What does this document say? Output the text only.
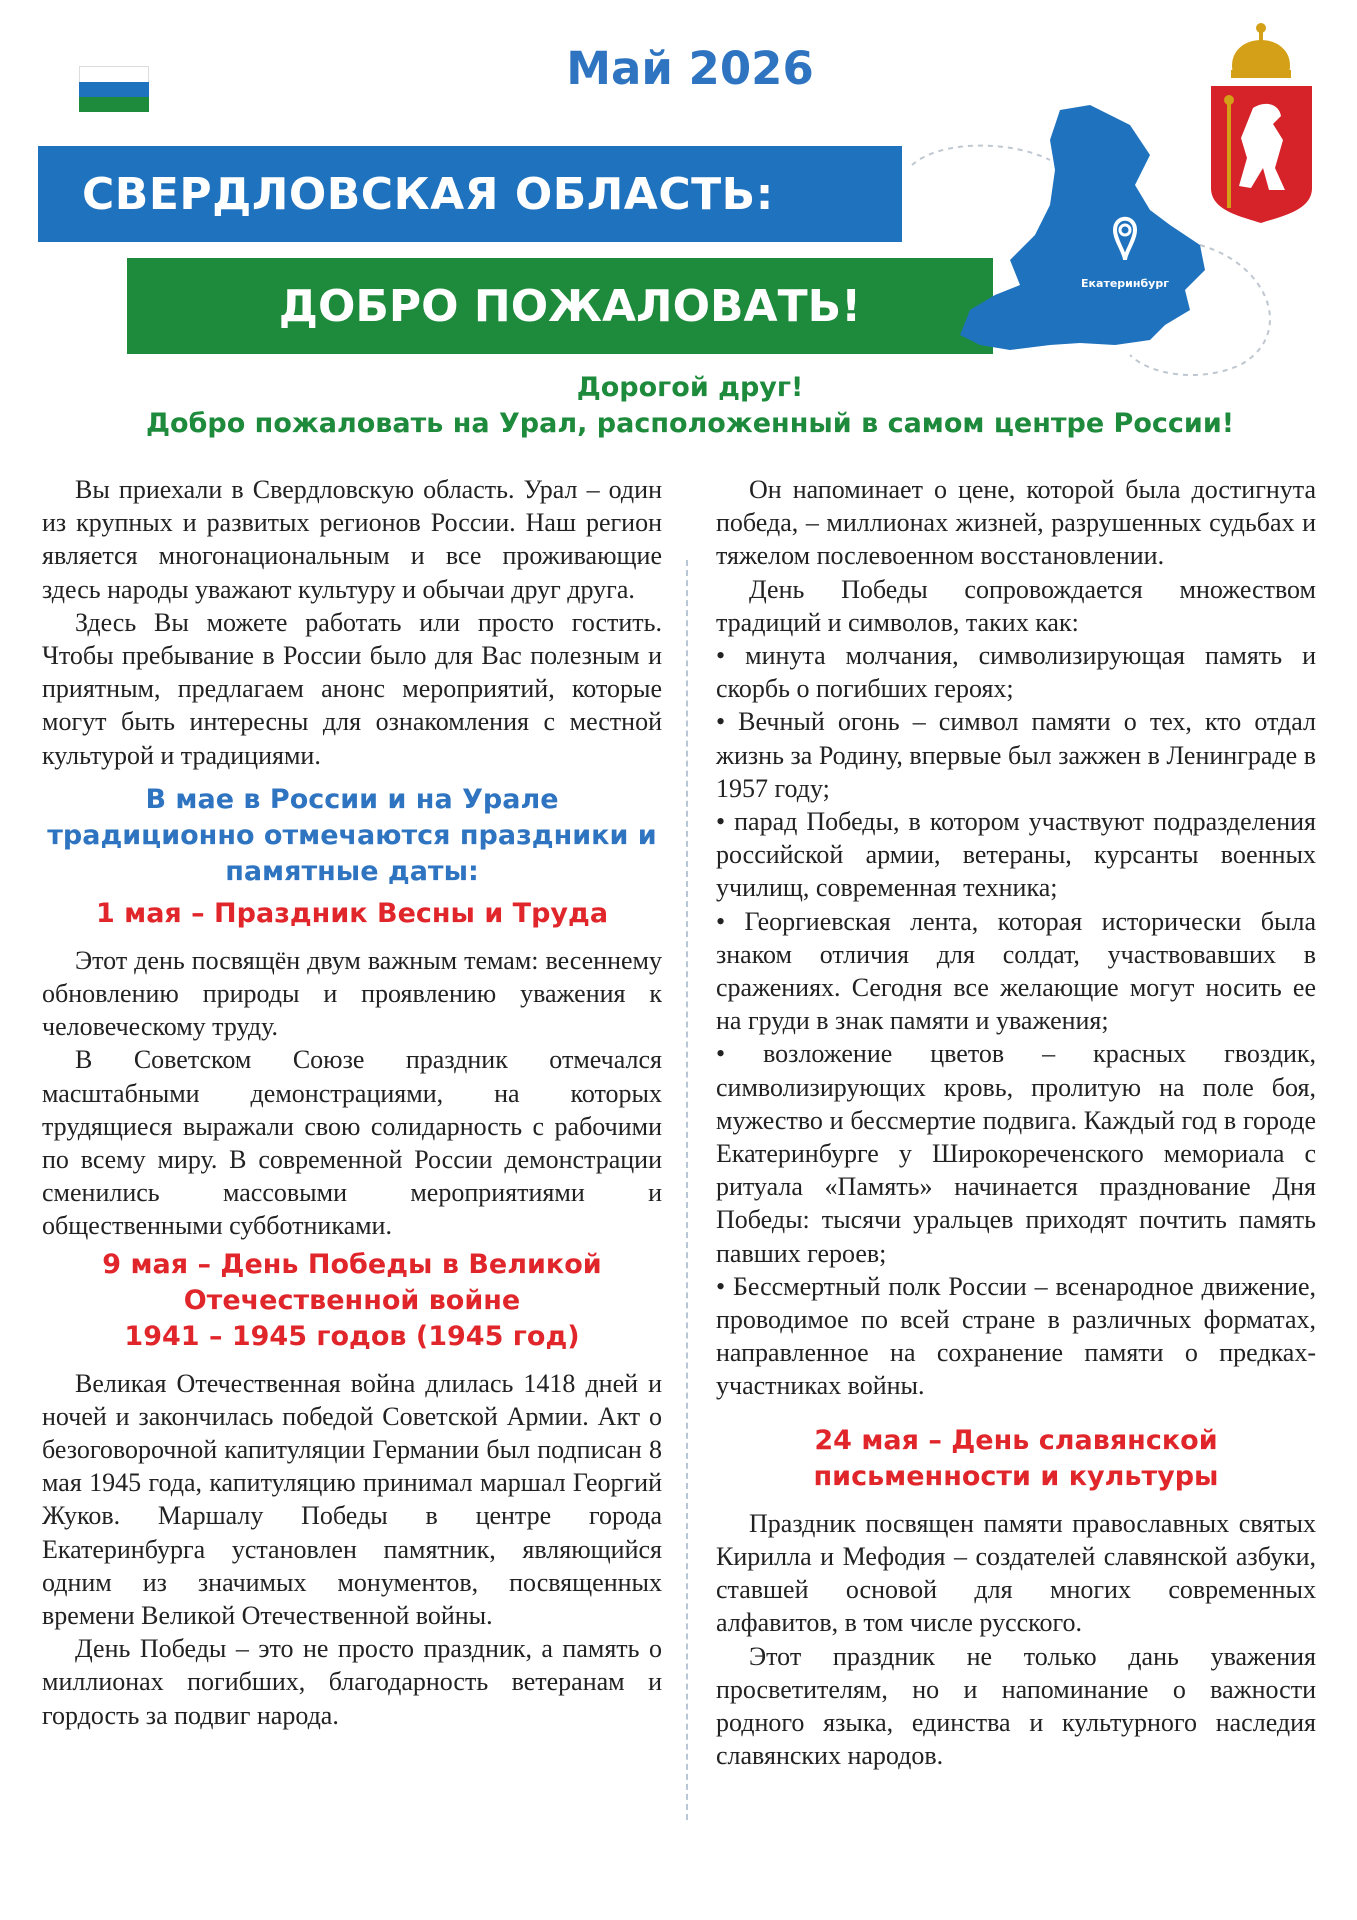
Май 2026
СВЕРДЛОВСКАЯ ОБЛАСТЬ:
ДОБРО ПОЖАЛОВАТЬ!	Екатеринбург
Дорогой друг!
Добро пожаловать на Урал, расположенный в самом центре России!

Вы приехали в Свердловскую область. Урал – один из крупных и развитых регионов России. Наш регион является многонациональным и все проживающие здесь народы уважают культуру и обычаи друг друга.

Здесь Вы можете работать или просто гостить. Чтобы пребывание в России было для Вас полезным и приятным, предлагаем анонс мероприятий, которые могут быть интересны для ознакомления с местной культурой и традициями.

В мае в России и на Урале традиционно отмечаются праздники и памятные даты:
1 мая – Праздник Весны и Труда

Этот день посвящён двум важным темам: весеннему обновлению природы и проявлению уважения к человеческому труду.

В Советском Союзе праздник отмечался масштабными демонстрациями, на которых трудящиеся выражали свою солидарность с рабочими по всему миру. В современной России демонстрации сменились массовыми мероприятиями и общественными субботниками.

9 мая – День Победы в Великой
Отечественной войне
1941 – 1945 годов (1945 год)

Великая Отечественная война длилась 1418 дней и ночей и закончилась победой Советской Армии. Акт о безоговорочной капитуляции Германии был подписан 8 мая 1945 года, капитуляцию принимал маршал Георгий Жуков. Маршалу Победы в центре города Екатеринбурга установлен памятник, являющийся одним из значимых монументов, посвященных времени Великой Отечественной войны.

День Победы – это не просто праздник, а память о миллионах погибших, благодарность ветеранам и гордость за подвиг народа.

Он напоминает о цене, которой была достигнута победа, – миллионах жизней, разрушенных судьбах и тяжелом послевоенном восстановлении.

День Победы сопровождается множеством традиций и символов, таких как:

• минута молчания, символизирующая память и скорбь о погибших героях;

• Вечный огонь – символ памяти о тех, кто отдал жизнь за Родину, впервые был зажжен в Ленинграде в 1957 году;

• парад Победы, в котором участвуют подразделения российской армии, ветераны, курсанты военных училищ, современная техника;

• Георгиевская лента, которая исторически была знаком отличия для солдат, участвовавших в сражениях. Сегодня все желающие могут носить ее на груди в знак памяти и уважения;

• возложение цветов – красных гвоздик, символизирующих кровь, пролитую на поле боя, мужество и бессмертие подвига. Каждый год в городе Екатеринбурге у Широкореченского мемориала с ритуала «Память» начинается празднование Дня Победы: тысячи уральцев приходят почтить память павших героев;

• Бессмертный полк России – всенародное движение, проводимое по всей стране в различных форматах, направленное на сохранение памяти о предках-участниках войны.

24 мая – День славянской
письменности и культуры

Праздник посвящен памяти православных святых Кирилла и Мефодия – создателей славянской азбуки, ставшей основой для многих современных алфавитов, в том числе русского.

Этот праздник не только дань уважения просветителям, но и напоминание о важности родного языка, единства и культурного наследия славянских народов.
